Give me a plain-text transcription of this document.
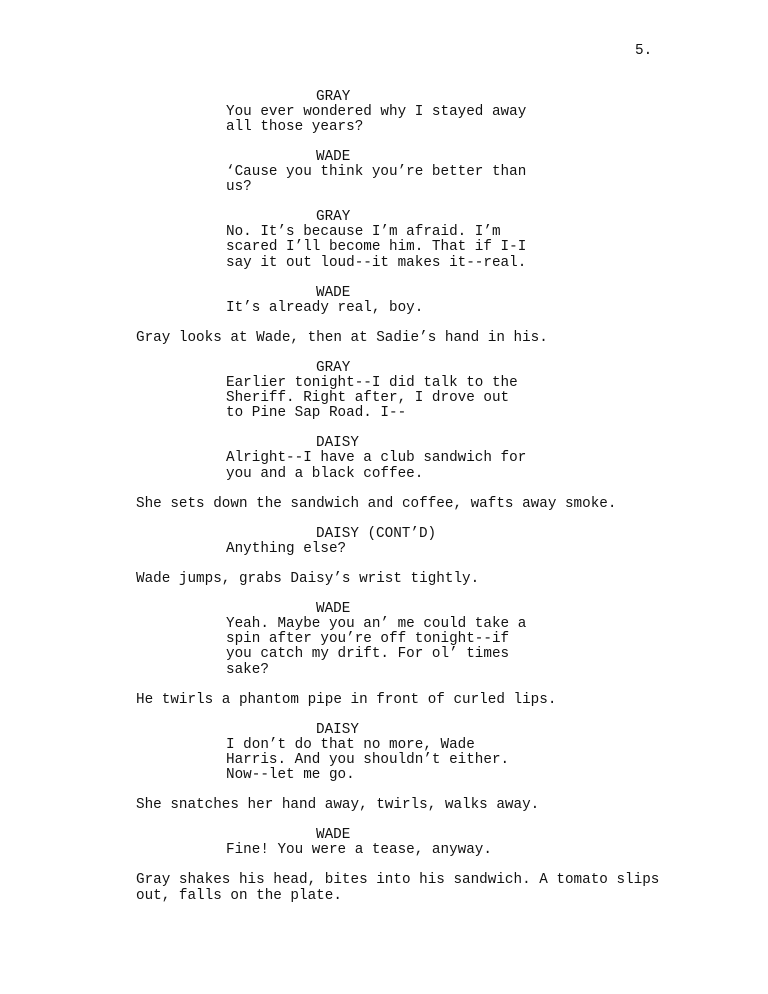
5.
GRAY
You ever wondered why I stayed away
all those years?
WADE
‘Cause you think you’re better than
us?
GRAY
No. It’s because I’m afraid. I’m
scared I’ll become him. That if I-I
say it out loud--it makes it--real.
WADE
It’s already real, boy.
Gray looks at Wade, then at Sadie’s hand in his.
GRAY
Earlier tonight--I did talk to the
Sheriff. Right after, I drove out
to Pine Sap Road. I--
DAISY
Alright--I have a club sandwich for
you and a black coffee.
She sets down the sandwich and coffee, wafts away smoke.
DAISY (CONT’D)
Anything else?
Wade jumps, grabs Daisy’s wrist tightly.
WADE
Yeah. Maybe you an’ me could take a
spin after you’re off tonight--if
you catch my drift. For ol’ times
sake?
He twirls a phantom pipe in front of curled lips.
DAISY
I don’t do that no more, Wade
Harris. And you shouldn’t either.
Now--let me go.
She snatches her hand away, twirls, walks away.
WADE
Fine! You were a tease, anyway.
Gray shakes his head, bites into his sandwich. A tomato slips
out, falls on the plate.
